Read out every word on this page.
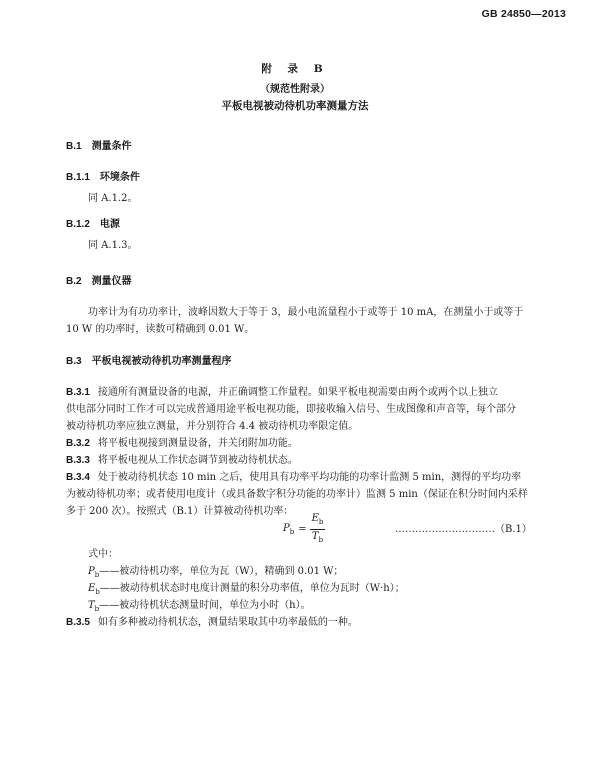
GB 24850—2013
附 录 B
（规范性附录）
平板电视被动待机功率测量方法
B.1 测量条件
B.1.1 环境条件
同 A.1.2。
B.1.2 电源
同 A.1.3。
B.2 测量仪器
功率计为有功功率计，波峰因数大于等于 3，最小电流量程小于或等于 10 mA，在测量小于或等于
10 W 的功率时，读数可精确到 0.01 W。
B.3 平板电视被动待机功率测量程序
B.3.1 接通所有测量设备的电源，并正确调整工作量程。如果平板电视需要由两个或两个以上独立
供电部分同时工作才可以完成普通用途平板电视功能，即接收输入信号、生成图像和声音等，每个部分
被动待机功率应独立测量，并分别符合 4.4 被动待机功率限定值。
B.3.2 将平板电视接到测量设备，并关闭附加功能。
B.3.3 将平板电视从工作状态调节到被动待机状态。
B.3.4 处于被动待机状态 10 min 之后，使用具有功率平均功能的功率计监测 5 min，测得的平均功率
为被动待机功率；或者使用电度计（或具备数字积分功能的功率计）监测 5 min（保证在积分时间内采样
多于 200 次）。按照式（B.1）计算被动待机功率：
$P_b = \frac{E_b}{T_b}$	…………………………（B.1）
式中：
$P_b——$被动待机功率，单位为瓦（W），精确到 0.01 W；
$E_b——$被动待机状态时电度计测量的积分功率值，单位为瓦时（W·h）；
$T_b——$被动待机状态测量时间，单位为小时（h）。
B.3.5 如有多种被动待机状态，测量结果取其中功率最低的一种。
